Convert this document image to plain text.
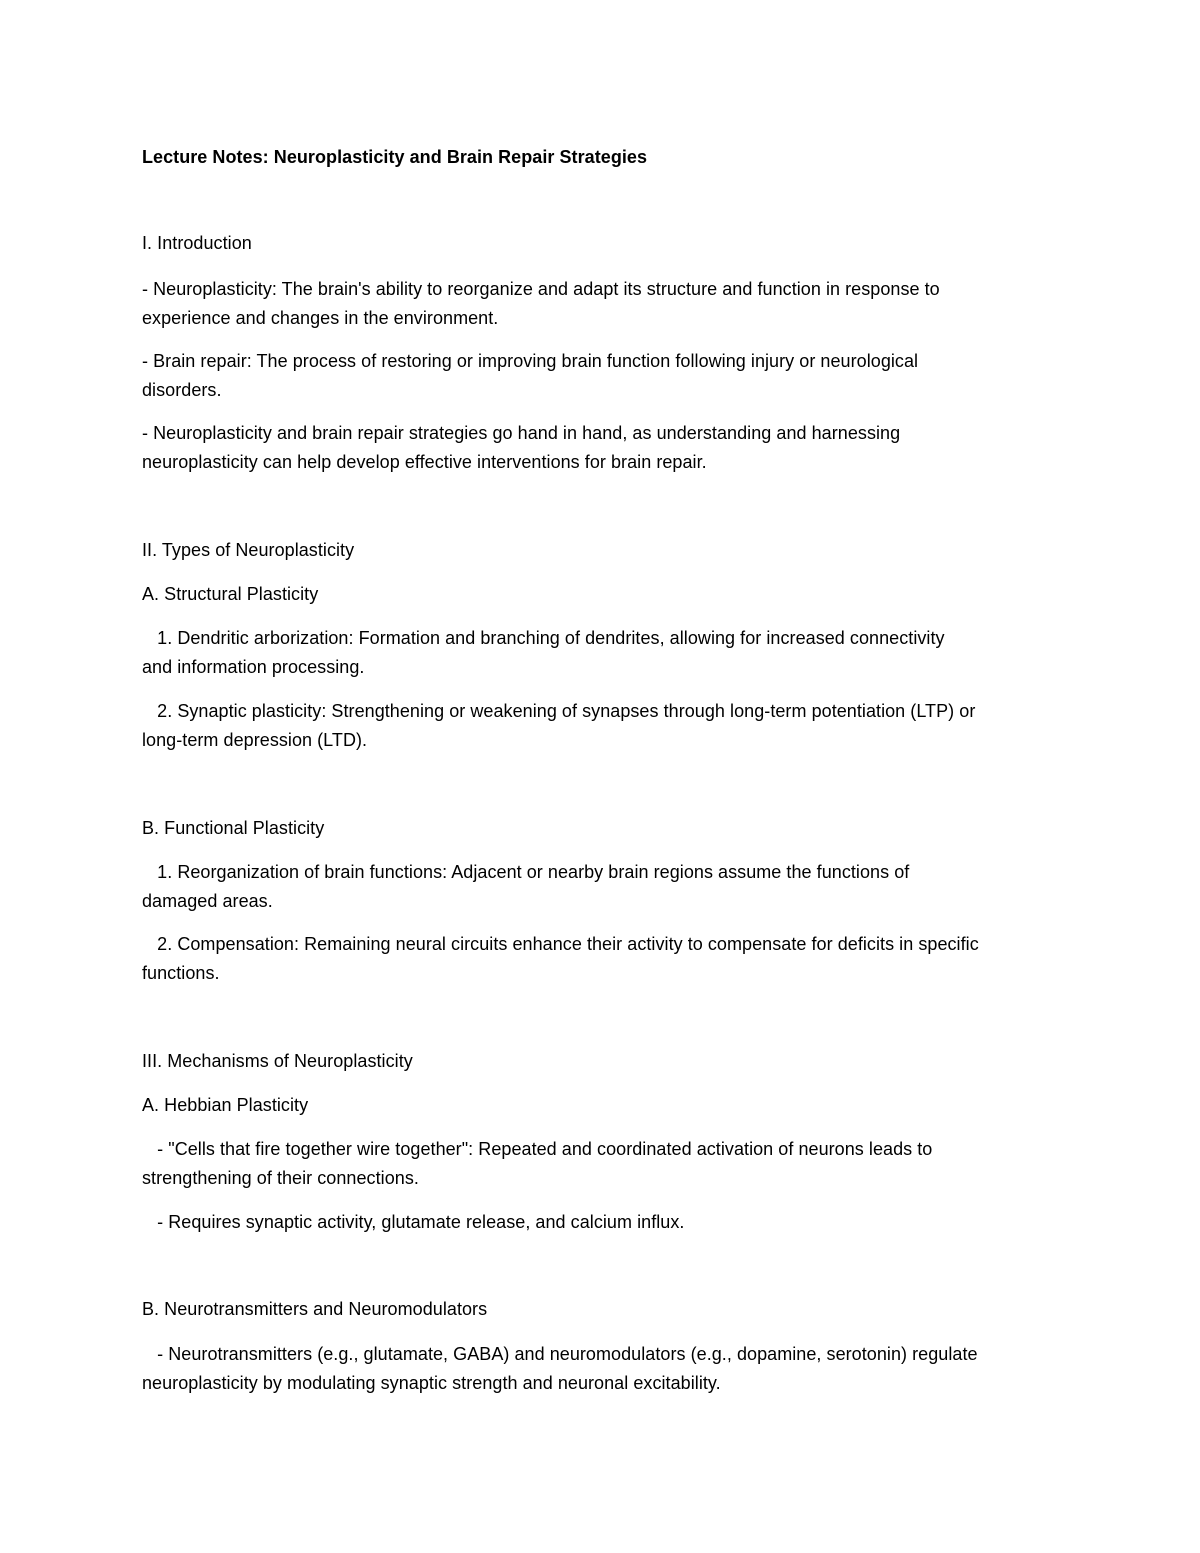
Lecture Notes: Neuroplasticity and Brain Repair Strategies
I. Introduction
- Neuroplasticity: The brain's ability to reorganize and adapt its structure and function in response to
experience and changes in the environment.
- Brain repair: The process of restoring or improving brain function following injury or neurological
disorders.
- Neuroplasticity and brain repair strategies go hand in hand, as understanding and harnessing
neuroplasticity can help develop effective interventions for brain repair.
II. Types of Neuroplasticity
A. Structural Plasticity
1. Dendritic arborization: Formation and branching of dendrites, allowing for increased connectivity
and information processing.
2. Synaptic plasticity: Strengthening or weakening of synapses through long-term potentiation (LTP) or
long-term depression (LTD).
B. Functional Plasticity
1. Reorganization of brain functions: Adjacent or nearby brain regions assume the functions of
damaged areas.
2. Compensation: Remaining neural circuits enhance their activity to compensate for deficits in specific
functions.
III. Mechanisms of Neuroplasticity
A. Hebbian Plasticity
- "Cells that fire together wire together": Repeated and coordinated activation of neurons leads to
strengthening of their connections.
- Requires synaptic activity, glutamate release, and calcium influx.
B. Neurotransmitters and Neuromodulators
- Neurotransmitters (e.g., glutamate, GABA) and neuromodulators (e.g., dopamine, serotonin) regulate
neuroplasticity by modulating synaptic strength and neuronal excitability.
